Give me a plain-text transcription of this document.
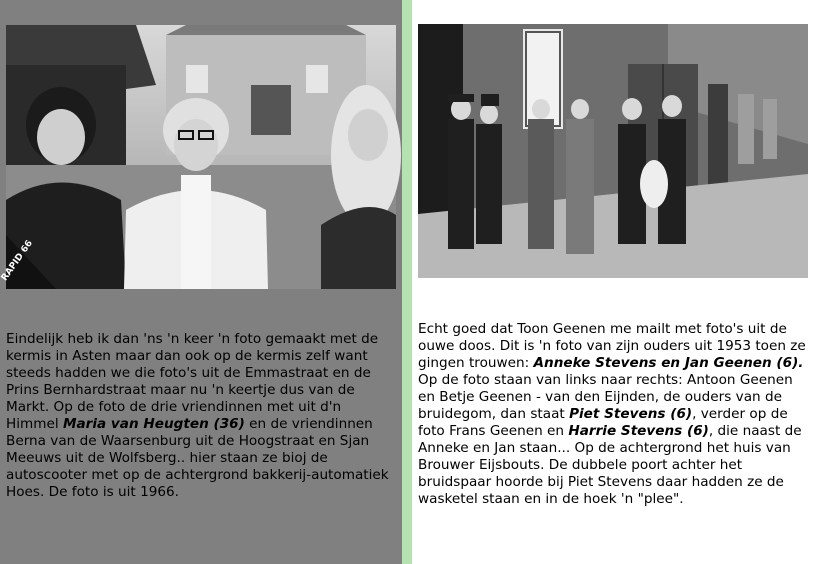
RAPID 66

Eindelijk heb ik dan 'ns 'n keer 'n foto gemaakt met de kermis in Asten maar dan ook op de kermis zelf want steeds hadden we die foto's uit de Emmastraat en de Prins Bernhardstraat maar nu 'n keertje dus van de Markt. Op de foto de drie vriendinnen met uit d'n Himmel Maria van Heugten (36) en de vriendinnen Berna van de Waarsenburg uit de Hoogstraat en Sjan Meeuws uit de Wolfsberg.. hier staan ze bioj de autoscooter met op de achtergrond bakkerij-automatiek Hoes. De foto is uit 1966.

Echt goed dat Toon Geenen me mailt met foto's uit de ouwe doos. Dit is 'n foto van zijn ouders uit 1953 toen ze gingen trouwen: Anneke Stevens en Jan Geenen (6). Op de foto staan van links naar rechts: Antoon Geenen en Betje Geenen - van den Eijnden, de ouders van de bruidegom, dan staat Piet Stevens (6), verder op de foto Frans Geenen en Harrie Stevens (6), die naast de Anneke en Jan staan... Op de achtergrond het huis van Brouwer Eijsbouts. De dubbele poort achter het bruidspaar hoorde bij Piet Stevens daar hadden ze de wasketel staan en in de hoek 'n "plee".
